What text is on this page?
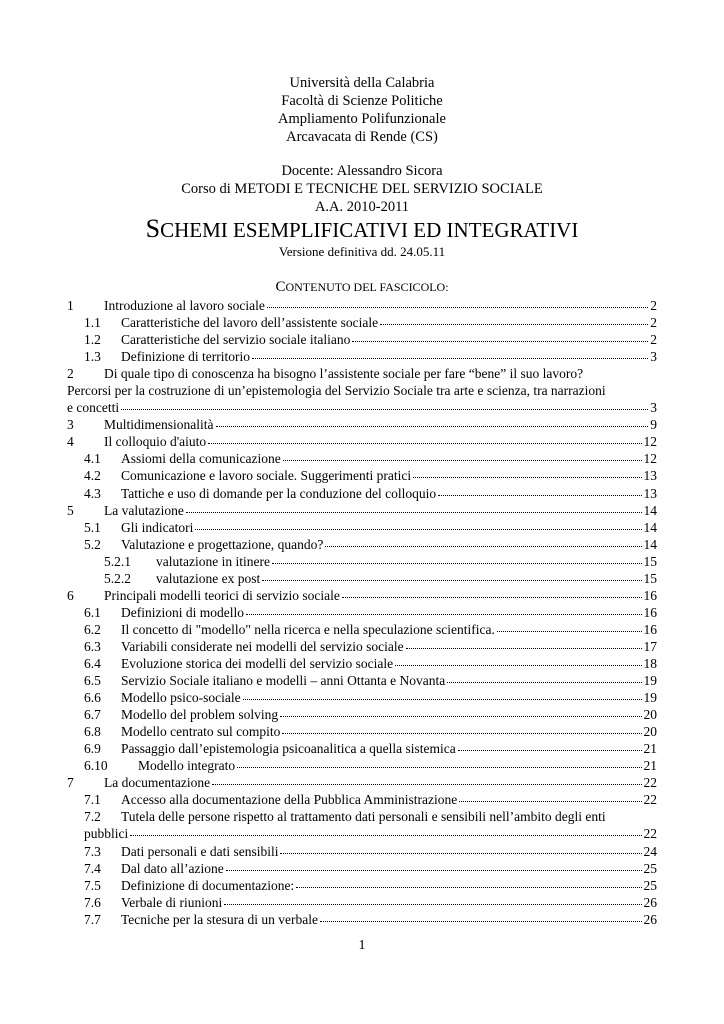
Università della Calabria
Facoltà di Scienze Politiche
Ampliamento Polifunzionale
Arcavacata di Rende (CS)
Docente: Alessandro Sicora
Corso di METODI E TECNICHE DEL SERVIZIO SOCIALE
A.A. 2010-2011
SCHEMI ESEMPLIFICATIVI ED INTEGRATIVI
Versione definitiva dd. 24.05.11
CONTENUTO DEL FASCICOLO:
1	Introduzione al lavoro sociale	2
1.1	Caratteristiche del lavoro dell’assistente sociale	2
1.2	Caratteristiche del servizio sociale italiano	2
1.3	Definizione di territorio	3
2	Di quale tipo di conoscenza ha bisogno l’assistente sociale per fare “bene” il suo lavoro?
Percorsi per la costruzione di un’epistemologia del Servizio Sociale tra arte e scienza, tra narrazioni
e concetti	3
3	Multidimensionalità	9
4	Il colloquio d'aiuto	12
4.1	Assiomi della comunicazione	12
4.2	Comunicazione e lavoro sociale. Suggerimenti pratici	13
4.3	Tattiche e uso di domande per la conduzione del colloquio	13
5	La valutazione	14
5.1	Gli indicatori	14
5.2	Valutazione e progettazione, quando?	14
5.2.1	valutazione in itinere	15
5.2.2	valutazione ex post	15
6	Principali modelli teorici di servizio sociale	16
6.1	Definizioni di modello	16
6.2	Il concetto di "modello" nella ricerca e nella speculazione scientifica.	16
6.3	Variabili considerate nei modelli del servizio sociale	17
6.4	Evoluzione storica dei modelli del servizio sociale	18
6.5	Servizio Sociale italiano e modelli – anni Ottanta e Novanta	19
6.6	Modello psico-sociale	19
6.7	Modello del problem solving	20
6.8	Modello centrato sul compito	20
6.9	Passaggio dall’epistemologia psicoanalitica a quella sistemica	21
6.10	Modello integrato	21
7	La documentazione	22
7.1	Accesso alla documentazione della Pubblica Amministrazione	22
7.2	Tutela delle persone rispetto al trattamento dati personali e sensibili nell’ambito degli enti
pubblici	22
7.3	Dati personali e dati sensibili	24
7.4	Dal dato all’azione	25
7.5	Definizione di documentazione:	25
7.6	Verbale di riunioni	26
7.7	Tecniche per la stesura di un verbale	26
1
